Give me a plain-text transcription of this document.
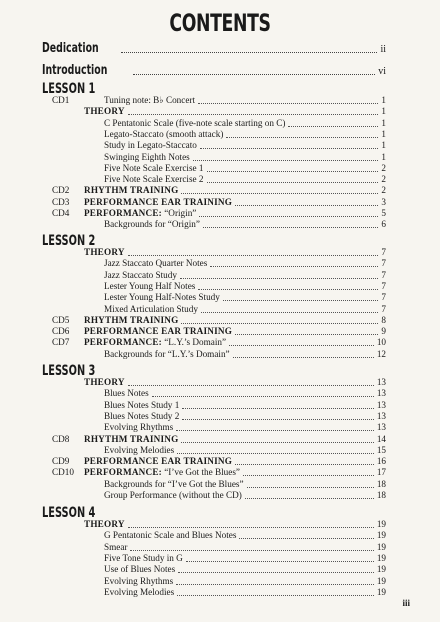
CONTENTS
Dedication	ii
Introduction	vi
LESSON 1
CD1	Tuning note: B♭ Concert	1
THEORY	1
C Pentatonic Scale (five-note scale starting on C)	1
Legato-Staccato (smooth attack)	1
Study in Legato-Staccato	1
Swinging Eighth Notes	1
Five Note Scale Exercise 1	2
Five Note Scale Exercise 2	2
CD2 RHYTHM TRAINING	2
CD3 PERFORMANCE EAR TRAINING	3
CD4 PERFORMANCE: “Origin”	5
Backgrounds for “Origin”	6
LESSON 2
THEORY	7
Jazz Staccato Quarter Notes	7
Jazz Staccato Study	7
Lester Young Half Notes	7
Lester Young Half-Notes Study	7
Mixed Articulation Study	7
CD5 RHYTHM TRAINING	8
CD6 PERFORMANCE EAR TRAINING	9
CD7 PERFORMANCE: “L.Y.’s Domain”	10
Backgrounds for “L.Y.’s Domain”	12
LESSON 3
THEORY	13
Blues Notes	13
Blues Notes Study 1	13
Blues Notes Study 2	13
Evolving Rhythms	13
CD8 RHYTHM TRAINING	14
Evolving Melodies	15
CD9 PERFORMANCE EAR TRAINING	16
CD10 PERFORMANCE: “I’ve Got the Blues”	17
Backgrounds for “I’ve Got the Blues”	18
Group Performance (without the CD)	18
LESSON 4
THEORY	19
G Pentatonic Scale and Blues Notes	19
Smear	19
Five Tone Study in G	19
Use of Blues Notes	19
Evolving Rhythms	19
Evolving Melodies	19
iii
